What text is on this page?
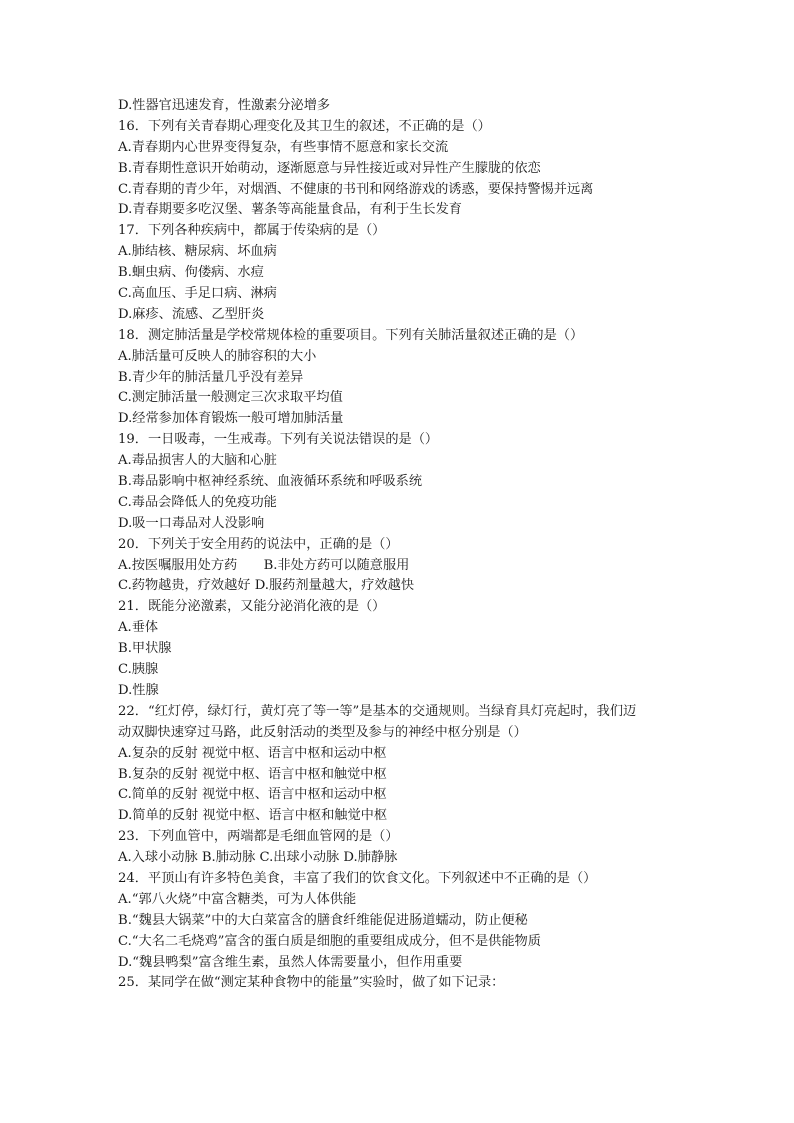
D.性器官迅速发育，性激素分泌增多
16．下列有关青春期心理变化及其卫生的叙述，不正确的是（）
A.青春期内心世界变得复杂，有些事情不愿意和家长交流
B.青春期性意识开始萌动，逐渐愿意与异性接近或对异性产生朦胧的依恋
C.青春期的青少年，对烟酒、不健康的书刊和网络游戏的诱惑，要保持警惕并远离
D.青春期要多吃汉堡、薯条等高能量食品，有利于生长发育
17．下列各种疾病中，都属于传染病的是（）
A.肺结核、糖尿病、坏血病
B.蛔虫病、佝偻病、水痘
C.高血压、手足口病、淋病
D.麻疹、流感、乙型肝炎
18．测定肺活量是学校常规体检的重要项目。下列有关肺活量叙述正确的是（）
A.肺活量可反映人的肺容积的大小
B.青少年的肺活量几乎没有差异
C.测定肺活量一般测定三次求取平均值
D.经常参加体育锻炼一般可增加肺活量
19．一日吸毒，一生戒毒。下列有关说法错误的是（）
A.毒品损害人的大脑和心脏
B.毒品影响中枢神经系统、血液循环系统和呼吸系统
C.毒品会降低人的免疫功能
D.吸一口毒品对人没影响
20．下列关于安全用药的说法中，正确的是（）
A.按医嘱服用处方药　　B.非处方药可以随意服用
C.药物越贵，疗效越好 D.服药剂量越大，疗效越快
21．既能分泌激素，又能分泌消化液的是（）
A.垂体
B.甲状腺
C.胰腺
D.性腺
22．“红灯停，绿灯行，黄灯亮了等一等”是基本的交通规则。当绿育具灯亮起时，我们迈
动双脚快速穿过马路，此反射活动的类型及参与的神经中枢分别是（）
A.复杂的反射 视觉中枢、语言中枢和运动中枢
B.复杂的反射 视觉中枢、语言中枢和触觉中枢
C.简单的反射 视觉中枢、语言中枢和运动中枢
D.简单的反射 视觉中枢、语言中枢和触觉中枢
23．下列血管中，两端都是毛细血管网的是（）
A.入球小动脉 B.肺动脉 C.出球小动脉 D.肺静脉
24．平顶山有许多特色美食，丰富了我们的饮食文化。下列叙述中不正确的是（）
A.“郭八火烧”中富含糖类，可为人体供能
B.“魏县大锅菜”中的大白菜富含的膳食纤维能促进肠道蠕动，防止便秘
C.“大名二毛烧鸡”富含的蛋白质是细胞的重要组成成分，但不是供能物质
D.“魏县鸭梨”富含维生素，虽然人体需要量小，但作用重要
25．某同学在做“测定某种食物中的能量”实验时，做了如下记录：
